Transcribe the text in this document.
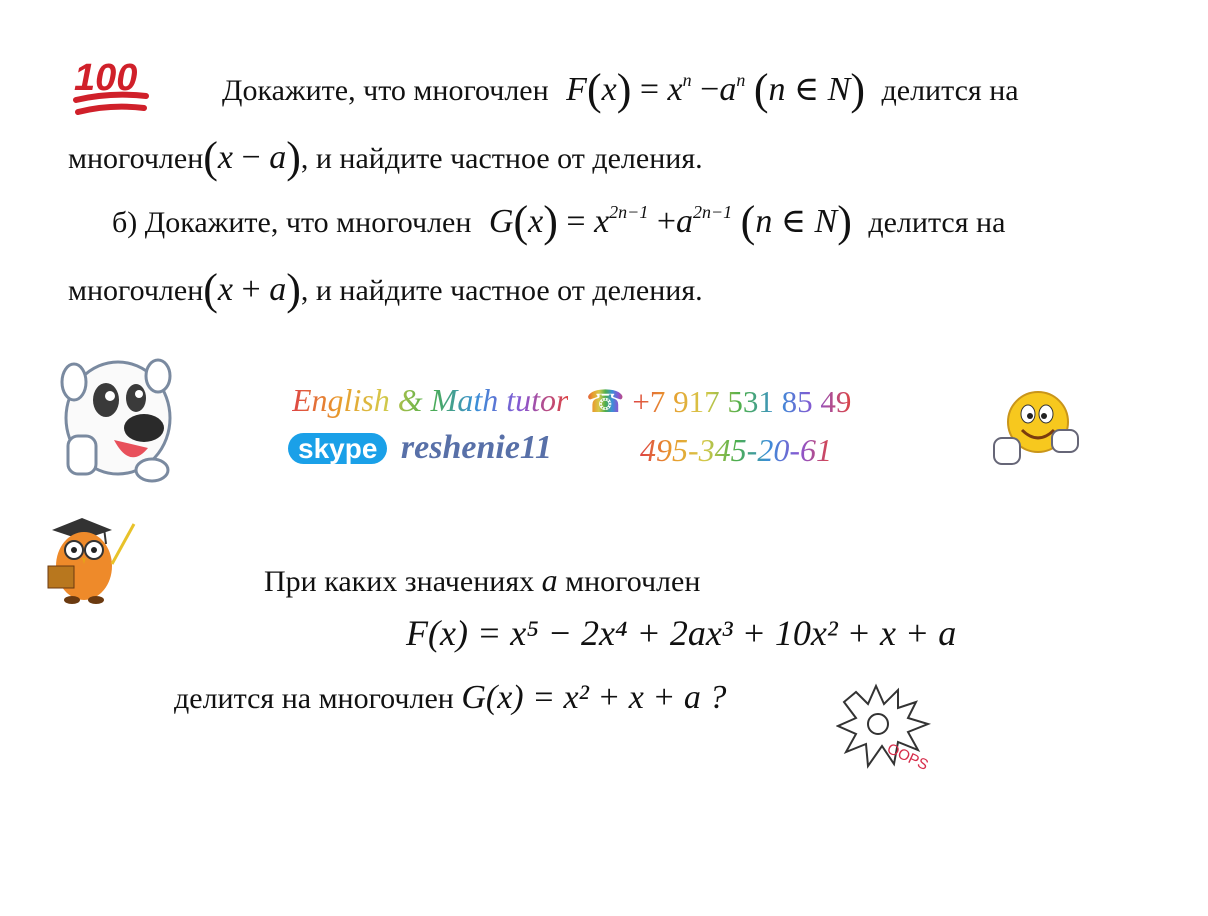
100	Докажите, что многочлен $F(x) = x^n -a^n$ (n ∈ N) делится на
многочлен(x − a), и найдите частное от деления.
б) Докажите, что многочлен $G(x) = x^{2n-1} +a^{2n-1}$ (n ∈ N) делится на
многочлен(x + a), и найдите частное от деления.
English & Math tutor ☎ +7 917 531 85 49
skype reshenie11	495-345-20-61
При каких значениях a многочлен
F(x) = x⁵ − 2x⁴ + 2ax³ + 10x² + x + a
делится на многочлен G(x) = x² + x + a ?
OOPS
